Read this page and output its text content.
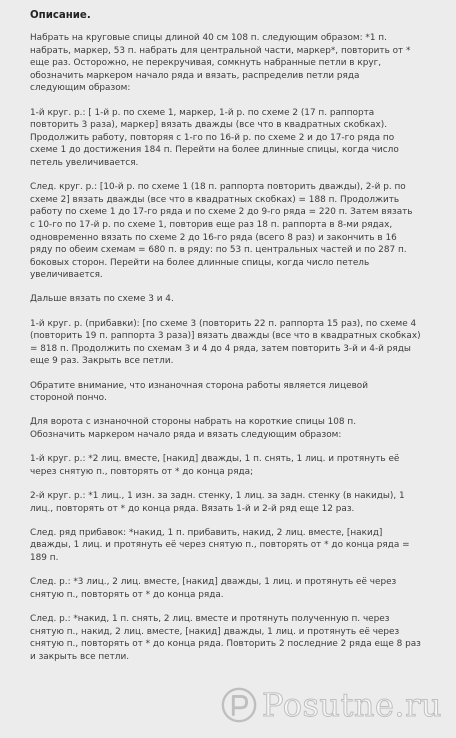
Описание.
Набрать на круговые спицы длиной 40 см 108 п. следующим образом: *1 п.
набрать, маркер, 53 п. набрать для центральной части, маркер*, повторить от *
еще раз. Осторожно, не перекручивая, сомкнуть набранные петли в круг,
обозначить маркером начало ряда и вязать, распределив петли ряда
следующим образом:
1-й круг. р.: [ 1-й р. по схеме 1, маркер, 1-й р. по схеме 2 (17 п. раппорта
повторить 3 раза), маркер] вязать дважды (все что в квадратных скобках).
Продолжить работу, повторяя с 1-го по 16-й р. по схеме 2 и до 17-го ряда по
схеме 1 до достижения 184 п. Перейти на более длинные спицы, когда число
петель увеличивается.
След. круг. р.: [10-й р. по схеме 1 (18 п. раппорта повторить дважды), 2-й р. по
схеме 2] вязать дважды (все что в квадратных скобках) = 188 п. Продолжить
работу по схеме 1 до 17-го ряда и по схеме 2 до 9-го ряда = 220 п. Затем вязать
с 10-го по 17-й р. по схеме 1, повторив еще раз 18 п. раппорта в 8-ми рядах,
одновременно вязать по схеме 2 до 16-го ряда (всего 8 раз) и закончить в 16
ряду по обеим схемам = 680 п. в ряду: по 53 п. центральных частей и по 287 п.
боковых сторон. Перейти на более длинные спицы, когда число петель
увеличивается.
Дальше вязать по схеме 3 и 4.
1-й круг. р. (прибавки): [по схеме 3 (повторить 22 п. раппорта 15 раз), по схеме 4
(повторить 19 п. раппорта 3 раза)] вязать дважды (все что в квадратных скобках)
= 818 п. Продолжить по схемам 3 и 4 до 4 ряда, затем повторить 3-й и 4-й ряды
еще 9 раз. Закрыть все петли.
Обратите внимание, что изнаночная сторона работы является лицевой
стороной пончо.
Для ворота с изнаночной стороны набрать на короткие спицы 108 п.
Обозначить маркером начало ряда и вязать следующим образом:
1-й круг. р.: *2 лиц. вместе, [накид] дважды, 1 п. снять, 1 лиц. и протянуть её
через снятую п., повторять от * до конца ряда;
2-й круг. р.: *1 лиц., 1 изн. за задн. стенку, 1 лиц. за задн. стенку (в накиды), 1
лиц., повторять от * до конца ряда. Вязать 1-й и 2-й ряд еще 12 раз.
След. ряд прибавок: *накид, 1 п. прибавить, накид, 2 лиц. вместе, [накид]
дважды, 1 лиц. и протянуть её через снятую п., повторять от * до конца ряда =
189 п.
След. р.: *3 лиц., 2 лиц. вместе, [накид] дважды, 1 лиц. и протянуть её через
снятую п., повторять от * до конца ряда.
След. р.: *накид, 1 п. снять, 2 лиц. вместе и протянуть полученную п. через
снятую п., накид, 2 лиц. вместе, [накид] дважды, 1 лиц. и протянуть её через
снятую п., повторять от * до конца ряда. Повторить 2 последние 2 ряда еще 8 раз
и закрыть все петли.
Posutne.ru
